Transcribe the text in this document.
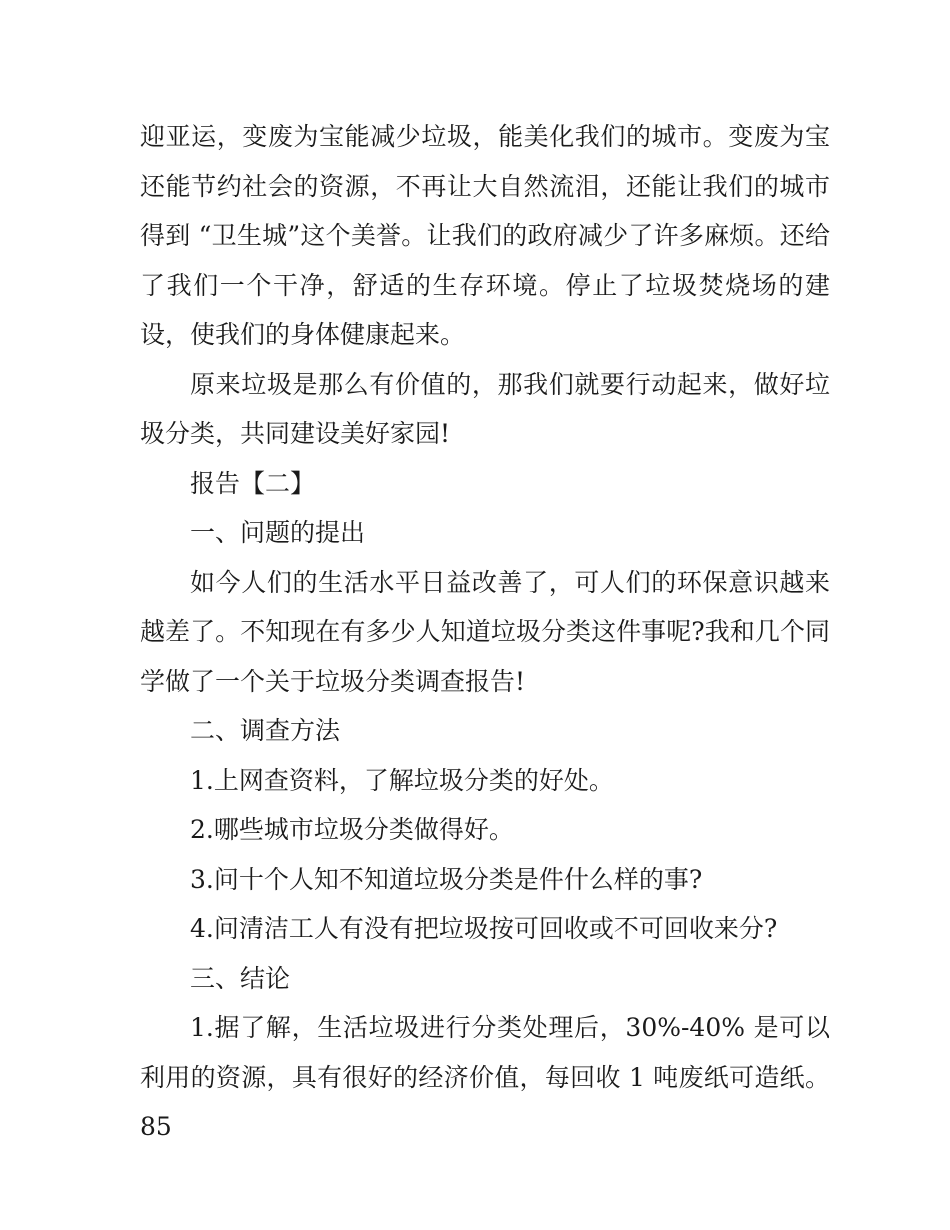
迎亚运，变废为宝能减少垃圾，能美化我们的城市。变废为宝还能节约社会的资源，不再让大自然流泪，还能让我们的城市得到 “卫生城”这个美誉。让我们的政府减少了许多麻烦。还给了我们一个干净，舒适的生存环境。停止了垃圾焚烧场的建设，使我们的身体健康起来。

原来垃圾是那么有价值的，那我们就要行动起来，做好垃圾分类，共同建设美好家园!

报告【二】

一、问题的提出

如今人们的生活水平日益改善了，可人们的环保意识越来越差了。不知现在有多少人知道垃圾分类这件事呢?我和几个同学做了一个关于垃圾分类调查报告!

二、调查方法

1.上网查资料，了解垃圾分类的好处。

2.哪些城市垃圾分类做得好。

3.问十个人知不知道垃圾分类是件什么样的事?

4.问清洁工人有没有把垃圾按可回收或不可回收来分?

三、结论

1.据了解，生活垃圾进行分类处理后，30%-40% 是可以利用的资源，具有很好的经济价值，每回收 1 吨废纸可造纸。85
